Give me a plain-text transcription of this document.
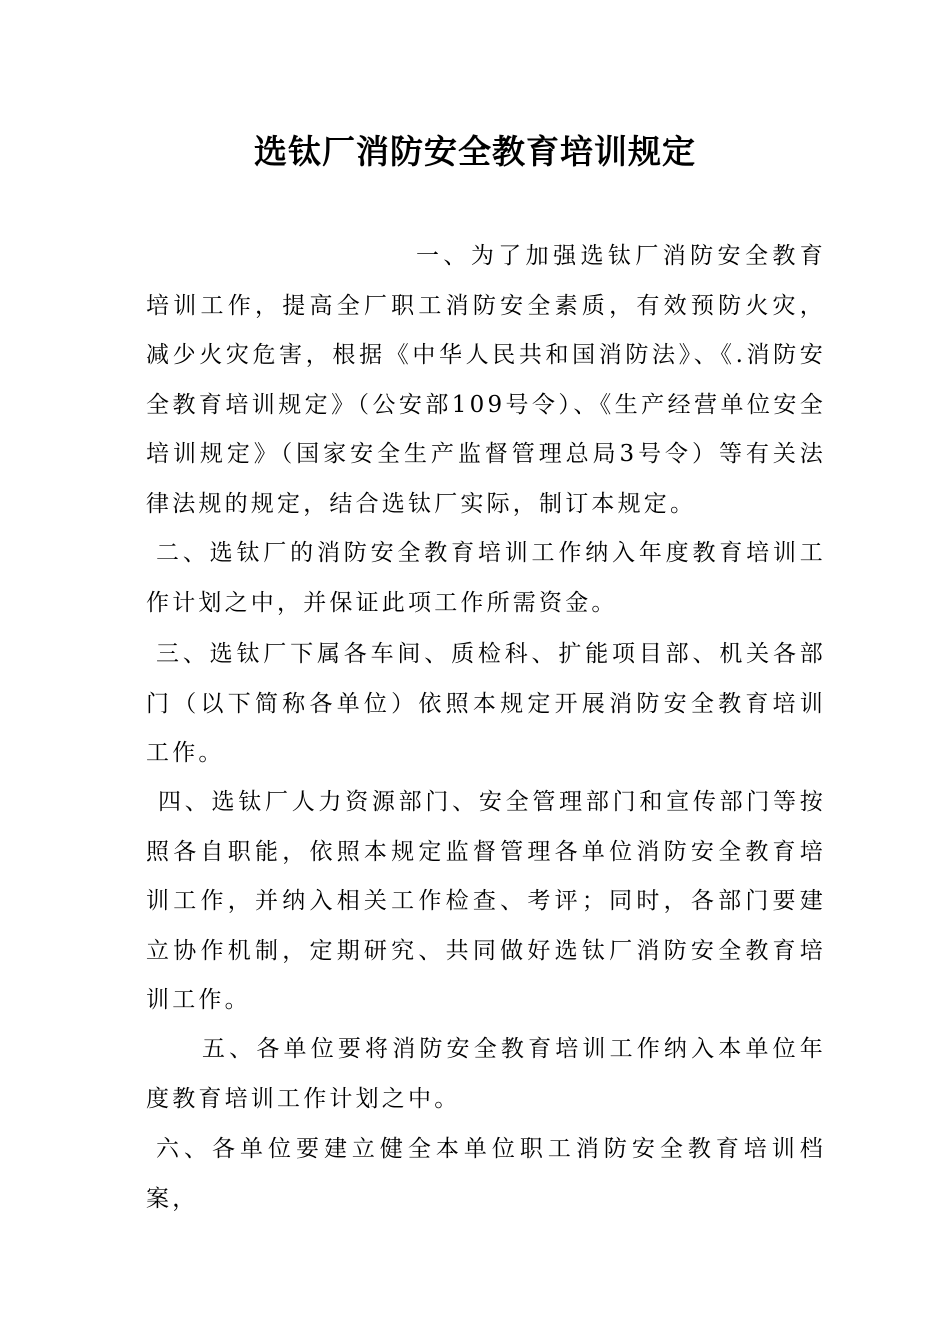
选钛厂消防安全教育培训规定

一、为了加强选钛厂消防安全教育培训工作，提高全厂职工消防安全素质，有效预防火灾，减少火灾危害，根据《中华人民共和国消防法》、《.消防安全教育培训规定》（公安部109号令）、《生产经营单位安全培训规定》（国家安全生产监督管理总局3号令）等有关法律法规的规定，结合选钛厂实际，制订本规定。

二、选钛厂的消防安全教育培训工作纳入年度教育培训工作计划之中，并保证此项工作所需资金。

三、选钛厂下属各车间、质检科、扩能项目部、机关各部门（以下简称各单位）依照本规定开展消防安全教育培训工作。

四、选钛厂人力资源部门、安全管理部门和宣传部门等按照各自职能，依照本规定监督管理各单位消防安全教育培训工作，并纳入相关工作检查、考评；同时，各部门要建立协作机制，定期研究、共同做好选钛厂消防安全教育培训工作。

五、各单位要将消防安全教育培训工作纳入本单位年度教育培训工作计划之中。

六、各单位要建立健全本单位职工消防安全教育培训档案，
